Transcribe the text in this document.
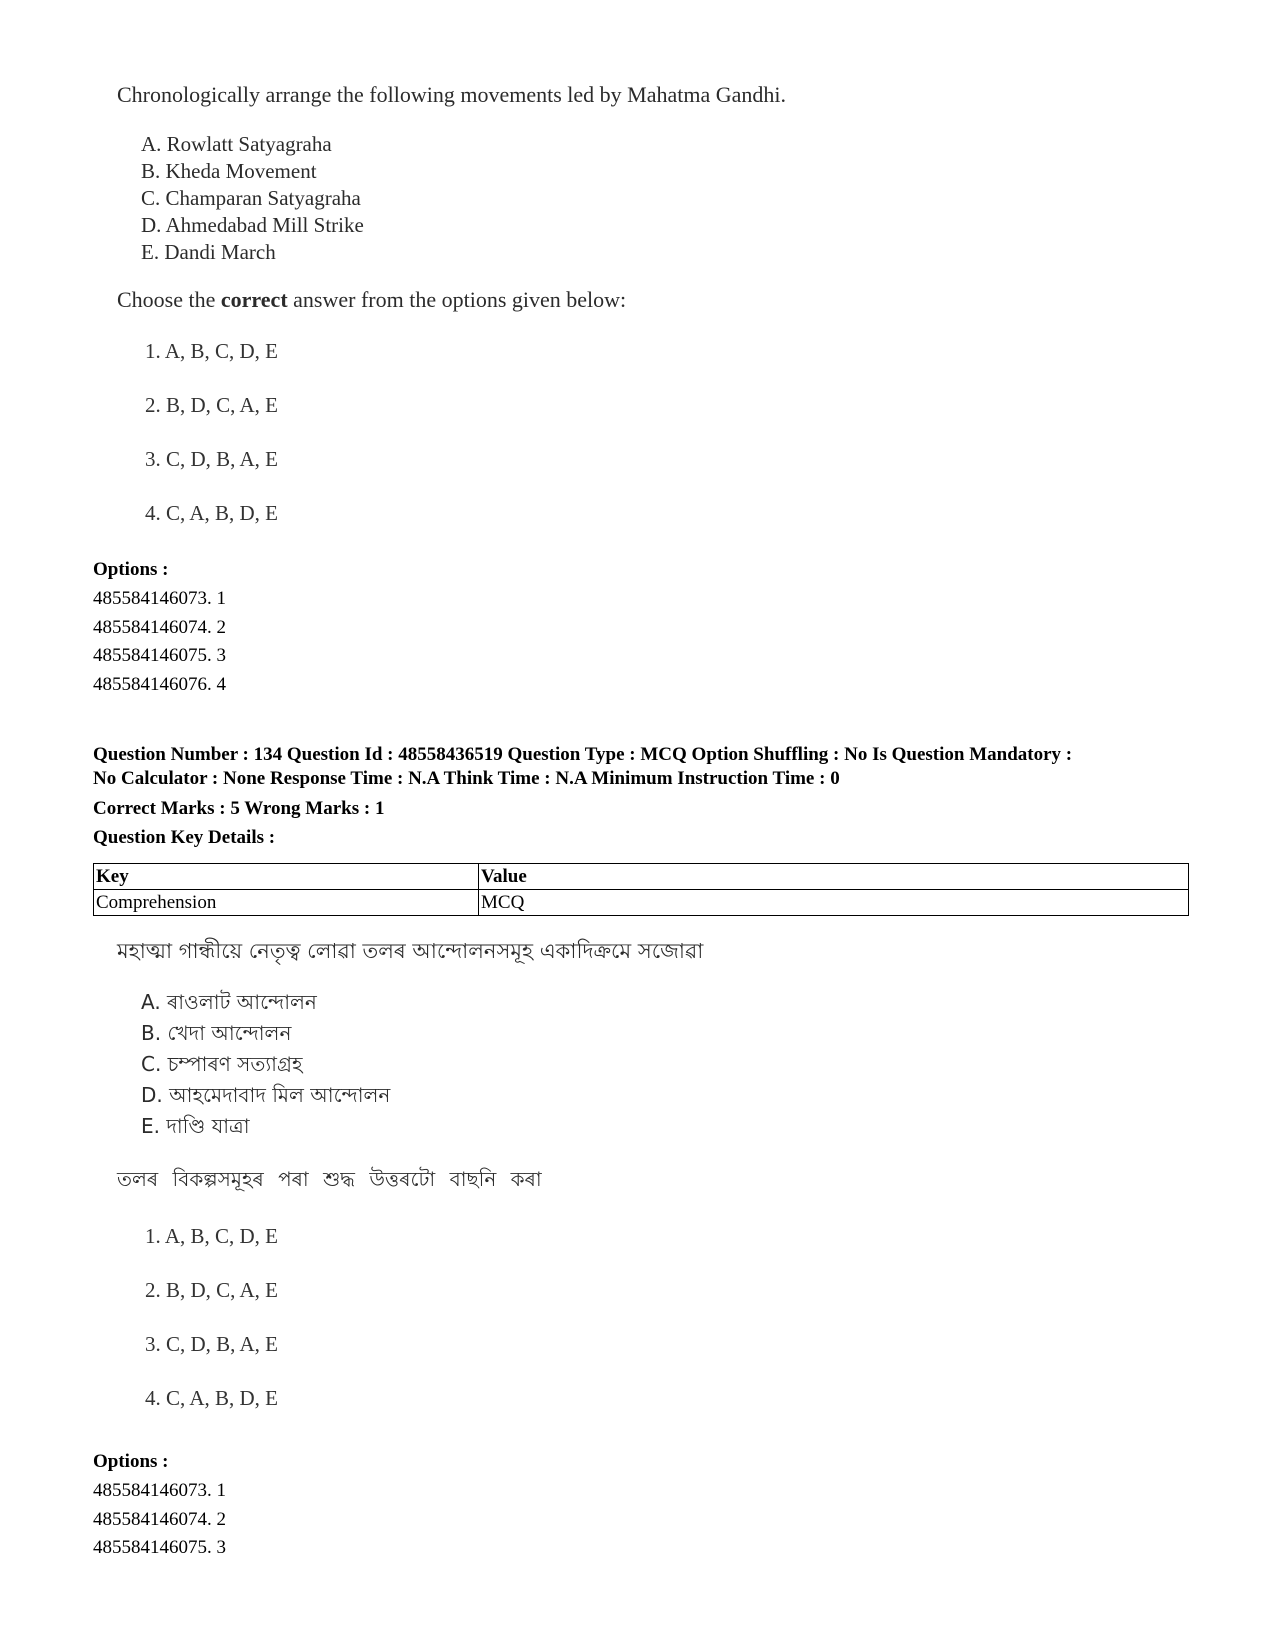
Chronologically arrange the following movements led by Mahatma Gandhi.
A. Rowlatt Satyagraha
B. Kheda Movement
C. Champaran Satyagraha
D. Ahmedabad Mill Strike
E. Dandi March
Choose the correct answer from the options given below:
1. A, B, C, D, E
2. B, D, C, A, E
3. C, D, B, A, E
4. C, A, B, D, E
Options :
485584146073. 1
485584146074. 2
485584146075. 3
485584146076. 4
Question Number : 134 Question Id : 48558436519 Question Type : MCQ Option Shuffling : No Is Question Mandatory :
No Calculator : None Response Time : N.A Think Time : N.A Minimum Instruction Time : 0
Correct Marks : 5 Wrong Marks : 1
Question Key Details :
Key	Value
Comprehension	MCQ
মহাত্মা গান্ধীয়ে নেতৃত্ব লোৱা তলৰ আন্দোলনসমূহ একাদিক্ৰমে সজোৱা
A. ৰাওলাট আন্দোলন
B. খেদা আন্দোলন
C. চম্পাৰণ সত্যাগ্ৰহ
D. আহমেদাবাদ মিল আন্দোলন
E. দাণ্ডি যাত্ৰা
তলৰ বিকল্পসমূহৰ পৰা শুদ্ধ উত্তৰটো বাছনি কৰা
1. A, B, C, D, E
2. B, D, C, A, E
3. C, D, B, A, E
4. C, A, B, D, E
Options :
485584146073. 1
485584146074. 2
485584146075. 3
